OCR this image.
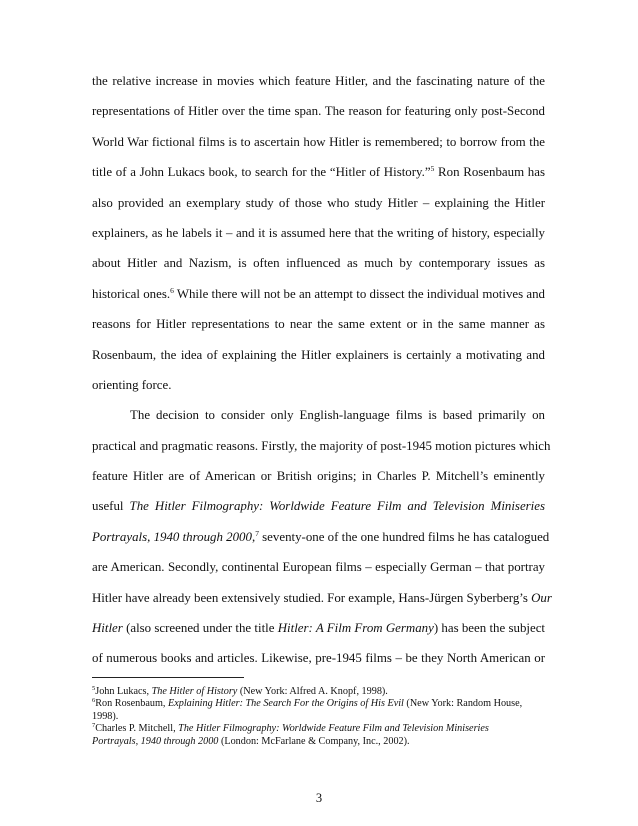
the relative increase in movies which feature Hitler, and the fascinating nature of the
representations of Hitler over the time span. The reason for featuring only post-Second
World War fictional films is to ascertain how Hitler is remembered; to borrow from the
title of a John Lukacs book, to search for the “Hitler of History.”$^5$ Ron Rosenbaum has
also provided an exemplary study of those who study Hitler – explaining the Hitler
explainers, as he labels it – and it is assumed here that the writing of history, especially
about Hitler and Nazism, is often influenced as much by contemporary issues as
historical ones.$^6$ While there will not be an attempt to dissect the individual motives and
reasons for Hitler representations to near the same extent or in the same manner as
Rosenbaum, the idea of explaining the Hitler explainers is certainly a motivating and
orienting force.
The decision to consider only English-language films is based primarily on
practical and pragmatic reasons. Firstly, the majority of post-1945 motion pictures which
feature Hitler are of American or British origins; in Charles P. Mitchell’s eminently
useful The Hitler Filmography: Worldwide Feature Film and Television Miniseries
Portrayals, 1940 through 2000,$^7$ seventy-one of the one hundred films he has catalogued
are American. Secondly, continental European films – especially German – that portray
Hitler have already been extensively studied. For example, Hans-Jürgen Syberberg’s Our
Hitler (also screened under the title Hitler: A Film From Germany) has been the subject
of numerous books and articles. Likewise, pre-1945 films – be they North American or
$^5$John Lukacs, The Hitler of History (New York: Alfred A. Knopf, 1998).
$^6$Ron Rosenbaum, Explaining Hitler: The Search For the Origins of His Evil (New York: Random House,
1998).
$^7$Charles P. Mitchell, The Hitler Filmography: Worldwide Feature Film and Television Miniseries
Portrayals, 1940 through 2000 (London: McFarlane & Company, Inc., 2002).
3
